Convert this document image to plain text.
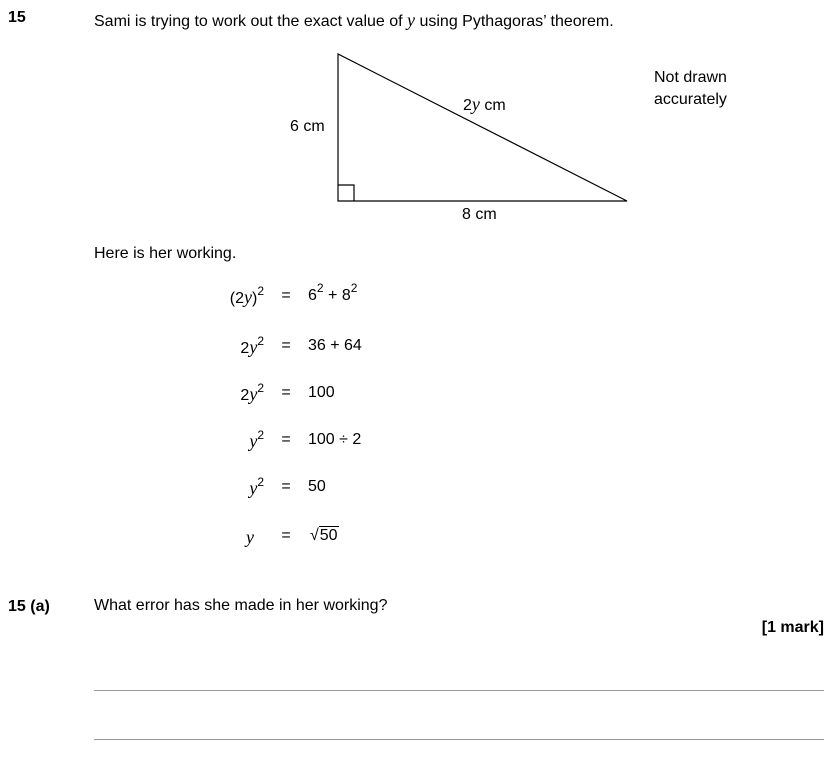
15	Sami is trying to work out the exact value of y using Pythagoras’ theorem.
6 cm
8 cm
2y cm
Not drawn
accurately
Here is her working.
$(2y)^2$	=	$6^2 + 8^2$
$2y^2$	=	36 + 64
$2y^2$	=	100
$y^2$	=	100 ÷ 2
$y^2$	=	50
y	=	√50
15 (a)	What error has she made in her working?
[1 mark]
